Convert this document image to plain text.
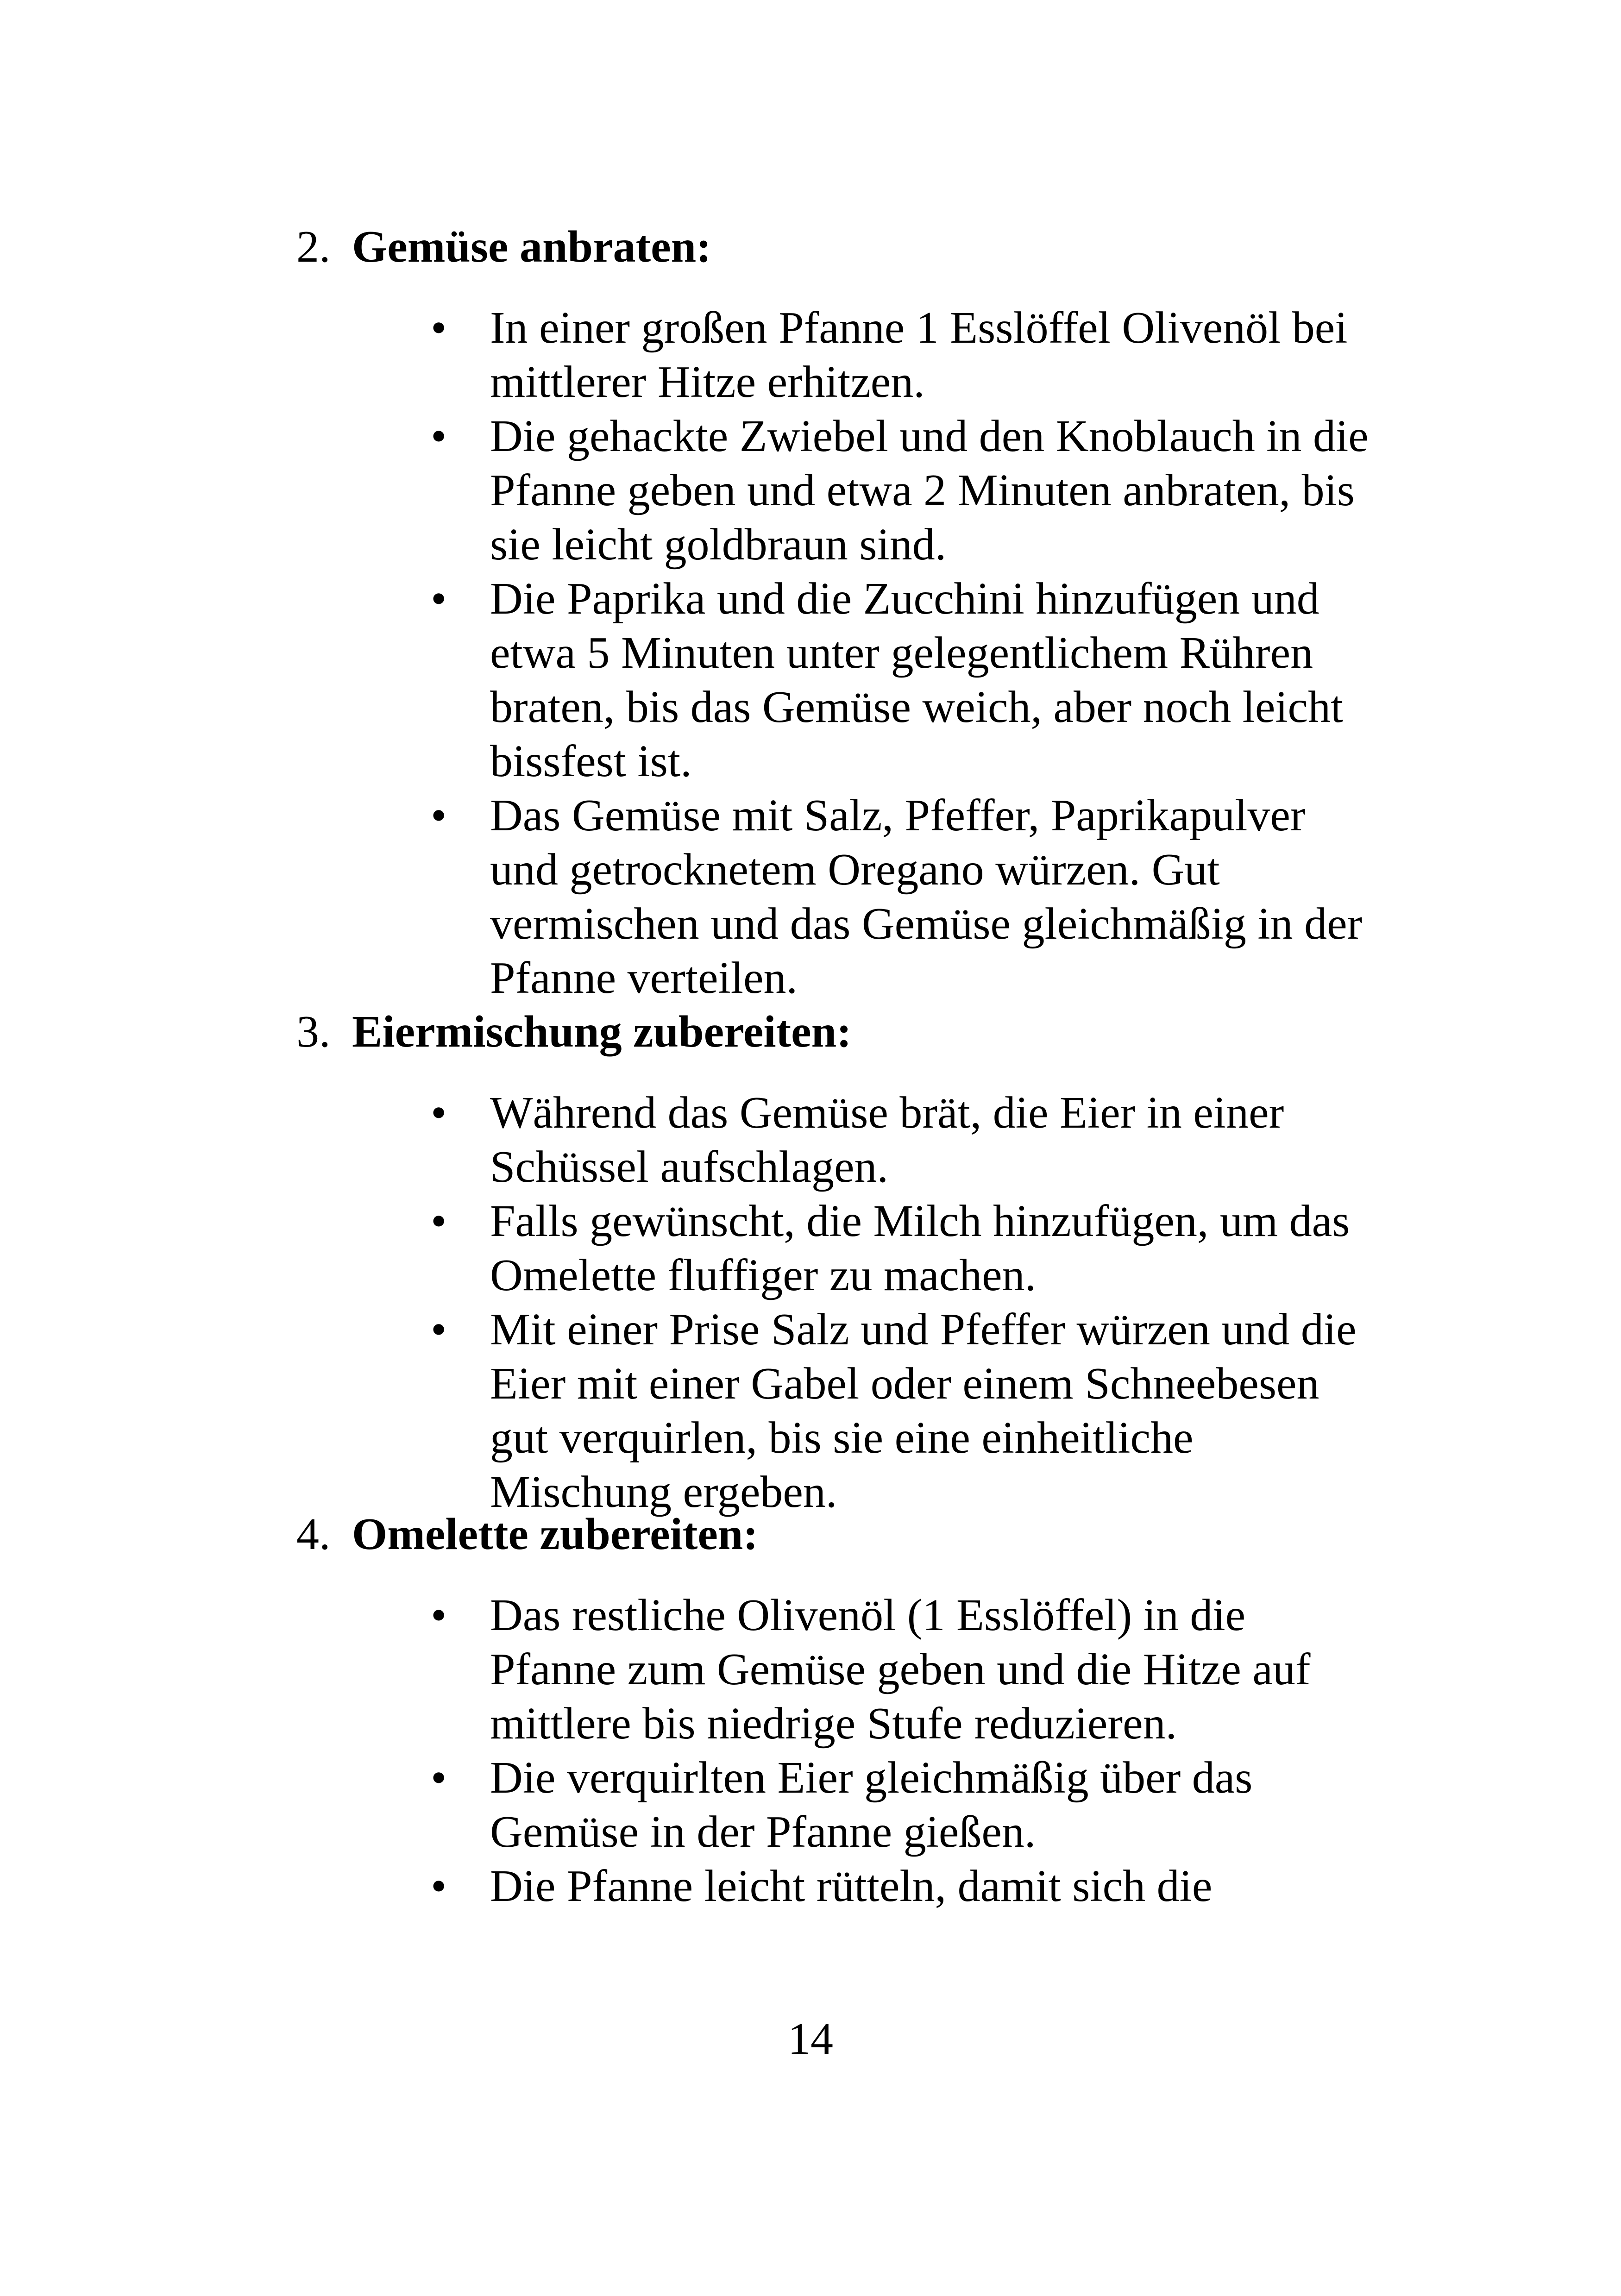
2. Gemüse anbraten:
• In einer großen Pfanne 1 Esslöffel Olivenöl bei
mittlerer Hitze erhitzen.
• Die gehackte Zwiebel und den Knoblauch in die
Pfanne geben und etwa 2 Minuten anbraten, bis
sie leicht goldbraun sind.
• Die Paprika und die Zucchini hinzufügen und
etwa 5 Minuten unter gelegentlichem Rühren
braten, bis das Gemüse weich, aber noch leicht
bissfest ist.
• Das Gemüse mit Salz, Pfeffer, Paprikapulver
und getrocknetem Oregano würzen. Gut
vermischen und das Gemüse gleichmäßig in der
Pfanne verteilen.
3. Eiermischung zubereiten:
• Während das Gemüse brät, die Eier in einer
Schüssel aufschlagen.
• Falls gewünscht, die Milch hinzufügen, um das
Omelette fluffiger zu machen.
• Mit einer Prise Salz und Pfeffer würzen und die
Eier mit einer Gabel oder einem Schneebesen
gut verquirlen, bis sie eine einheitliche
Mischung ergeben.
4. Omelette zubereiten:
• Das restliche Olivenöl (1 Esslöffel) in die
Pfanne zum Gemüse geben und die Hitze auf
mittlere bis niedrige Stufe reduzieren.
• Die verquirlten Eier gleichmäßig über das
Gemüse in der Pfanne gießen.
• Die Pfanne leicht rütteln, damit sich die
14
